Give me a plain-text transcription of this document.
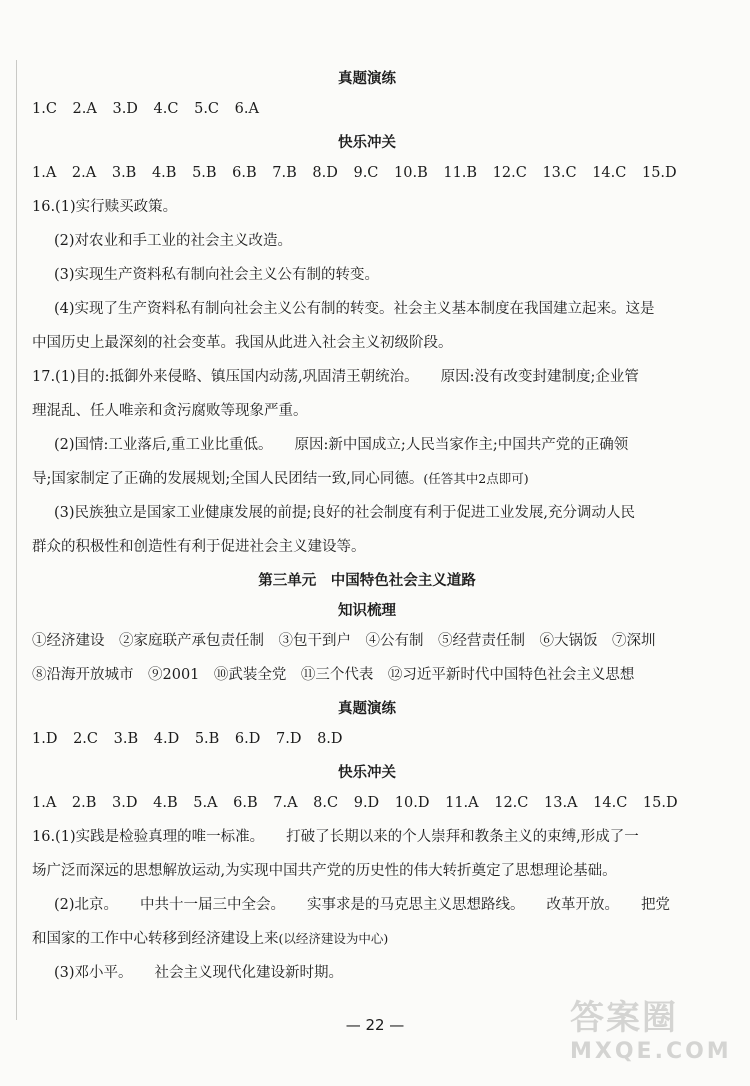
真题演练

1.C 2.A 3.D 4.C 5.C 6.A

快乐冲关

1.A 2.A 3.B 4.B 5.B 6.B 7.B 8.D 9.C 10.B 11.B 12.C 13.C 14.C 15.D

16.(1)实行赎买政策。

(2)对农业和手工业的社会主义改造。

(3)实现生产资料私有制向社会主义公有制的转变。

(4)实现了生产资料私有制向社会主义公有制的转变。社会主义基本制度在我国建立起来。这是

中国历史上最深刻的社会变革。我国从此进入社会主义初级阶段。

17.(1)目的:抵御外来侵略、镇压国内动荡,巩固清王朝统治。 原因:没有改变封建制度;企业管

理混乱、任人唯亲和贪污腐败等现象严重。

(2)国情:工业落后,重工业比重低。 原因:新中国成立;人民当家作主;中国共产党的正确领

导;国家制定了正确的发展规划;全国人民团结一致,同心同德。(任答其中2点即可)

(3)民族独立是国家工业健康发展的前提;良好的社会制度有利于促进工业发展,充分调动人民

群众的积极性和创造性有利于促进社会主义建设等。

第三单元　中国特色社会主义道路

知识梳理

①经济建设　②家庭联产承包责任制　③包干到户　④公有制　⑤经营责任制　⑥大锅饭　⑦深圳

⑧沿海开放城市　⑨2001　⑩武装全党　⑪三个代表　⑫习近平新时代中国特色社会主义思想

真题演练

1.D 2.C 3.B 4.D 5.B 6.D 7.D 8.D

快乐冲关

1.A 2.B 3.D 4.B 5.A 6.B 7.A 8.C 9.D 10.D 11.A 12.C 13.A 14.C 15.D

16.(1)实践是检验真理的唯一标准。 打破了长期以来的个人崇拜和教条主义的束缚,形成了一

场广泛而深远的思想解放运动,为实现中国共产党的历史性的伟大转折奠定了思想理论基础。

(2)北京。 中共十一届三中全会。 实事求是的马克思主义思想路线。 改革开放。 把党

和国家的工作中心转移到经济建设上来(以经济建设为中心)

(3)邓小平。 社会主义现代化建设新时期。

— 22 —	答案圈
MXQE.COM
